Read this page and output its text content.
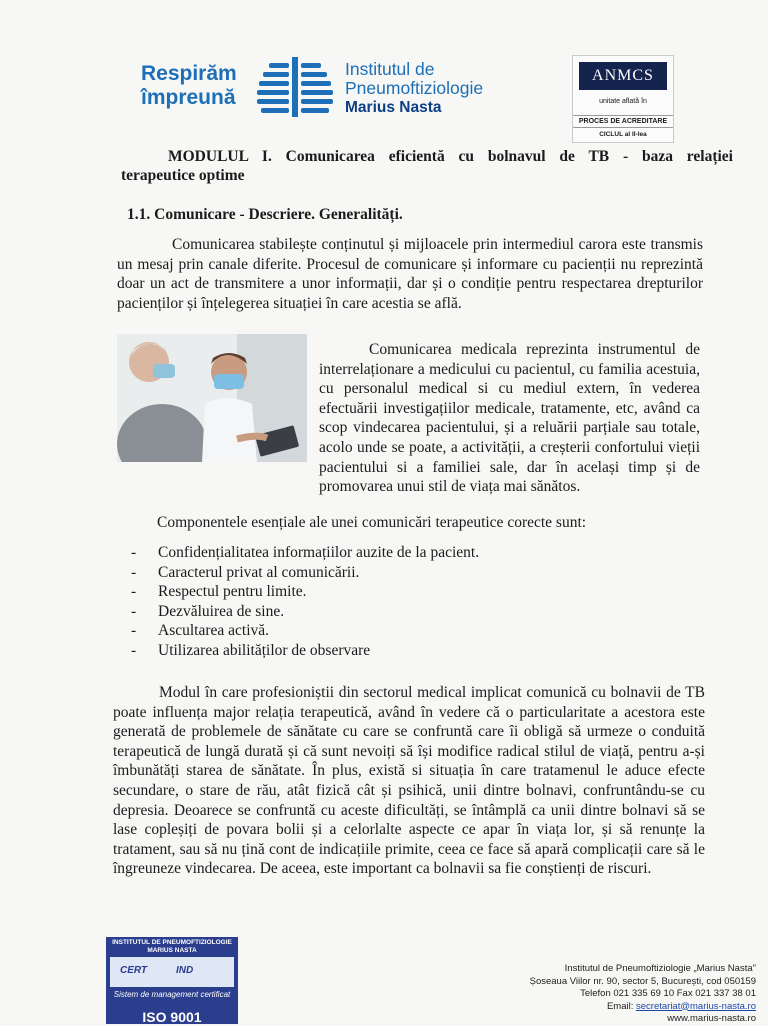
Respirăm
împreună
Institutul de
Pneumoftiziologie
Marius Nasta
ANMCS
unitate aflată în
PROCES DE ACREDITARE
CICLUL al II-lea
MODULUL I. Comunicarea eficientă cu bolnavul de TB - baza relației
terapeutice optime
1.1. Comunicare - Descriere. Generalități.
Comunicarea stabilește conținutul și mijloacele prin intermediul carora este transmis un mesaj prin canale diferite. Procesul de comunicare și informare cu pacienții nu reprezintă doar un act de transmitere a unor informații, dar și o condiție pentru respectarea drepturilor pacienților și înțelegerea situației în care acestia se află.
Comunicarea medicala reprezinta instrumentul de interrelaționare a medicului cu pacientul, cu familia acestuia, cu personalul medical si cu mediul extern, în vederea efectuării investigațiilor medicale, tratamente, etc, având ca scop vindecarea pacientului, și a reluării parțiale sau totale, acolo unde se poate, a activității, a creșterii confortului vieții pacientului si a familiei sale, dar în același timp și de promovarea unui stil de viața mai sănătos.
Componentele esențiale ale unei comunicări terapeutice corecte sunt:
- Confidențialitatea informațiilor auzite de la pacient.
- Caracterul privat al comunicării.
- Respectul pentru limite.
- Dezvăluirea de sine.
- Ascultarea activă.
- Utilizarea abilităților de observare
Modul în care profesioniștii din sectorul medical implicat comunică cu bolnavii de TB poate influența major relația terapeutică, având în vedere că o particularitate a acestora este generată de problemele de sănătate cu care se confruntă care îi obligă să urmeze o conduită terapeutică de lungă durată și că sunt nevoiți să își modifice radical stilul de viață, pentru a-și îmbunătăți starea de sănătate. În plus, există si situația în care tratamenul le aduce efecte secundare, o stare de rău, atât fizică cât și psihică, unii dintre bolnavi, confruntându-se cu depresia. Deoarece se confruntă cu aceste dificultăți, se întâmplă ca unii dintre bolnavi să se lase copleșiți de povara bolii și a celorlalte aspecte ce apar în viața lor, și să renunțe la tratament, sau să nu țină cont de indicațiile primite, ceea ce face să apară complicații care să le îngreuneze vindecarea. De aceea, este important ca bolnavii sa fie conștienți de riscuri.
INSTITUTUL DE PNEUMOFTIZIOLOGIE MARIUS NASTA
CERT	IND
Sistem de management certificat
ISO 9001
Institutul de Pneumoftiziologie „Marius Nasta"
Șoseaua Viilor nr. 90, sector 5, București, cod 050159
Telefon 021 335 69 10 Fax 021 337 38 01
Email: secretariat@marius-nasta.ro
www.marius-nasta.ro
